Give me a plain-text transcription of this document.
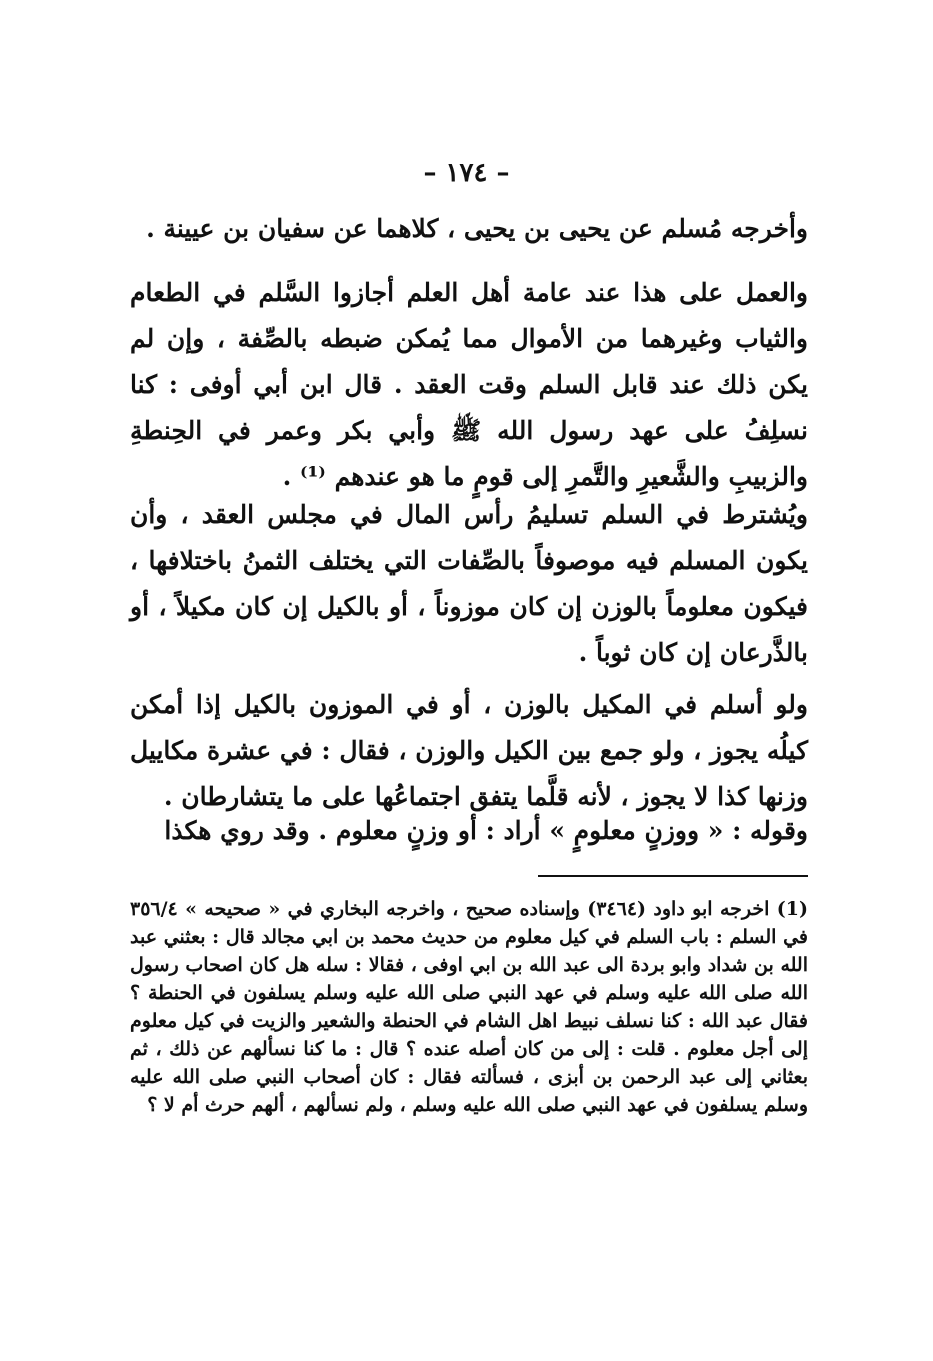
– ١٧٤ –

وأخرجه مُسلم عن يحيى بن يحيى ، كلاهما عن سفيان بن عيينة .

والعمل على هذا عند عامة أهل العلم أجازوا السَّلم في الطعام والثياب وغيرهما من الأموال مما يُمكن ضبطه بالصِّفة ، وإن لم يكن ذلك عند قابل السلم وقت العقد . قال ابن أبي أوفى : كنا نسلِفُ على عهد رسول الله ﷺ وأبي بكر وعمر في الحِنطةِ والزبيبِ والشَّعيرِ والتَّمرِ إلى قومٍ ما هو عندهم ⁽¹⁾ .

ويُشترط في السلم تسليمُ رأس المال في مجلس العقد ، وأن يكون المسلم فيه موصوفاً بالصِّفات التي يختلف الثمنُ باختلافها ، فيكون معلوماً بالوزن إن كان موزوناً ، أو بالكيل إن كان مكيلاً ، أو بالذَّرعان إن كان ثوباً .

ولو أسلم في المكيل بالوزن ، أو في الموزون بالكيل إذا أمكن كيلُه يجوز ، ولو جمع بين الكيل والوزن ، فقال : في عشرة مكاييل وزنها كذا لا يجوز ، لأنه قلَّما يتفق اجتماعُها على ما يتشارطان .

وقوله : « ووزنٍ معلومٍ » أراد : أو وزنٍ معلوم . وقد روي هكذا

(1) اخرجه ابو داود (٣٤٦٤) وإسناده صحيح ، واخرجه البخاري في « صحيحه » ٣٥٦/٤ في السلم : باب السلم في كيل معلوم من حديث محمد بن ابي مجالد قال : بعثني عبد الله بن شداد وابو بردة الى عبد الله بن ابي اوفى ، فقالا : سله هل كان اصحاب رسول الله صلى الله عليه وسلم في عهد النبي صلى الله عليه وسلم يسلفون في الحنطة ؟ فقال عبد الله : كنا نسلف نبيط اهل الشام في الحنطة والشعير والزيت في كيل معلوم إلى أجل معلوم . قلت : إلى من كان أصله عنده ؟ قال : ما كنا نسألهم عن ذلك ، ثم بعثاني إلى عبد الرحمن بن أبزى ، فسألته فقال : كان أصحاب النبي صلى الله عليه وسلم يسلفون في عهد النبي صلى الله عليه وسلم ، ولم نسألهم ، ألهم حرث أم لا ؟
